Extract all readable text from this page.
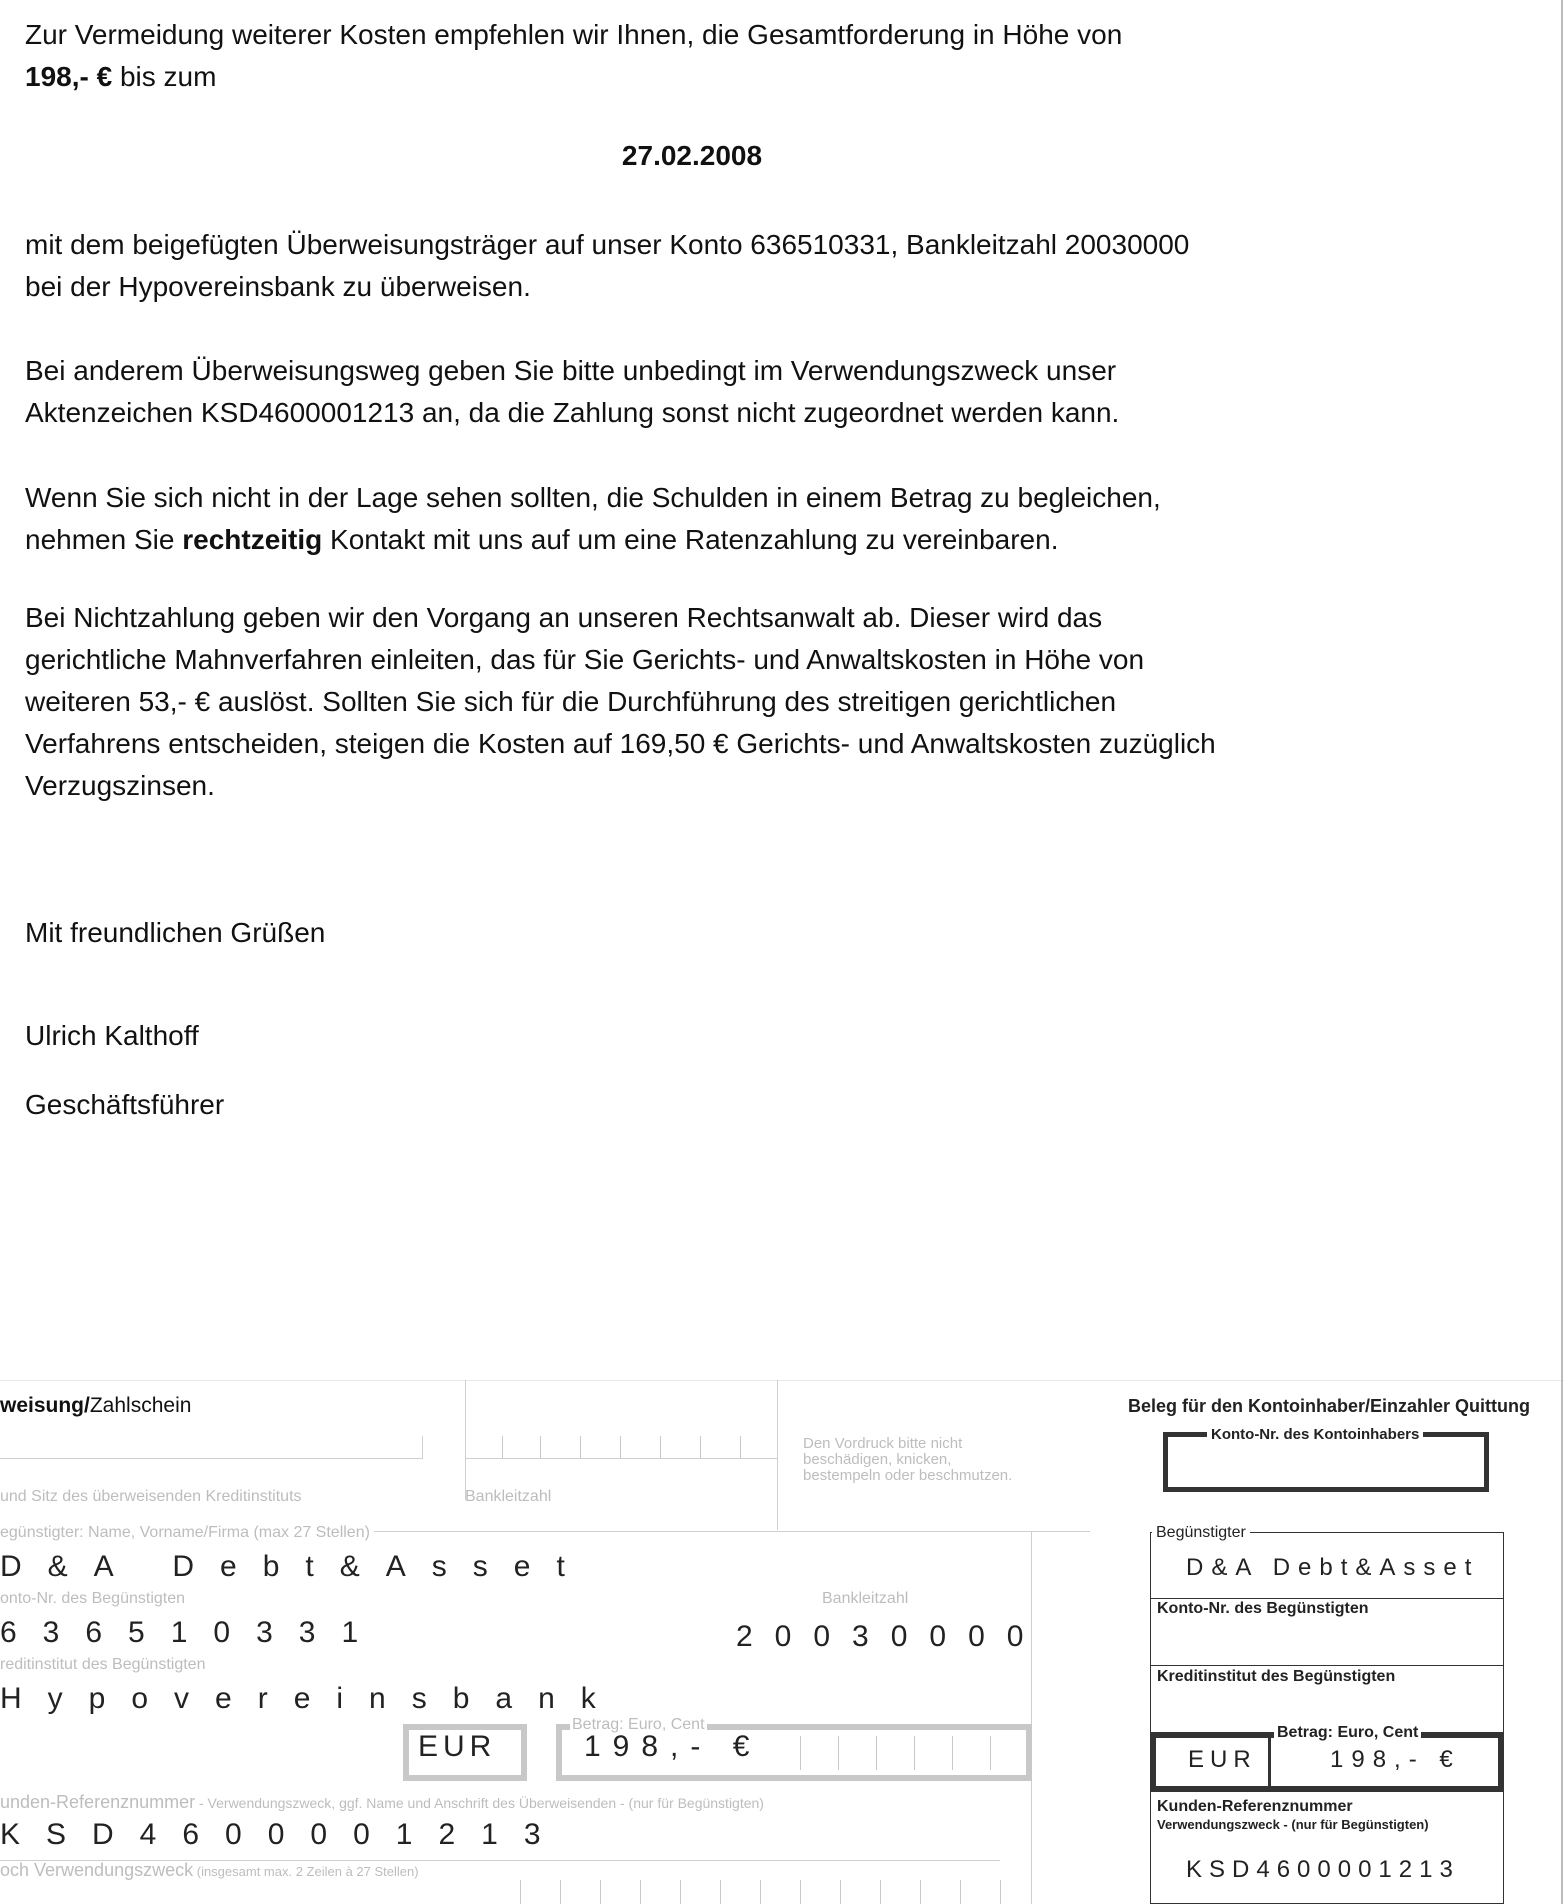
Zur Vermeidung weiterer Kosten empfehlen wir Ihnen, die Gesamtforderung in Höhe von

198,- € bis zum

27.02.2008

mit dem beigefügten Überweisungsträger auf unser Konto 636510331, Bankleitzahl 20030000

bei der Hypovereinsbank zu überweisen.

Bei anderem Überweisungsweg geben Sie bitte unbedingt im Verwendungszweck unser

Aktenzeichen KSD4600001213 an, da die Zahlung sonst nicht zugeordnet werden kann.

Wenn Sie sich nicht in der Lage sehen sollten, die Schulden in einem Betrag zu begleichen,

nehmen Sie rechtzeitig Kontakt mit uns auf um eine Ratenzahlung zu vereinbaren.

Bei Nichtzahlung geben wir den Vorgang an unseren Rechtsanwalt ab. Dieser wird das

gerichtliche Mahnverfahren einleiten, das für Sie Gerichts- und Anwaltskosten in Höhe von

weiteren 53,- € auslöst. Sollten Sie sich für die Durchführung des streitigen gerichtlichen

Verfahrens entscheiden, steigen die Kosten auf 169,50 € Gerichts- und Anwaltskosten zuzüglich

Verzugszinsen.

Mit freundlichen Grüßen

Ulrich Kalthoff

Geschäftsführer

weisung/Zahlschein
und Sitz des überweisenden Kreditinstituts	Bankleitzahl
Den Vordruck bitte nicht
beschädigen, knicken,
bestempeln oder beschmutzen.
egünstigter: Name, Vorname/Firma (max 27 Stellen)
D&A Debt&Asset
onto-Nr. des Begünstigten	Bankleitzahl
636510331	20030000
reditinstitut des Begünstigten
Hypovereinsbank
EUR
Betrag: Euro, Cent
198,- €
unden-Referenznummer - Verwendungszweck, ggf. Name und Anschrift des Überweisenden - (nur für Begünstigten)
KSD4600001213
och Verwendungszweck (insgesamt max. 2 Zeilen à 27 Stellen)
Beleg für den Kontoinhaber/Einzahler Quittung
Konto-Nr. des Kontoinhabers
Begünstigter
D&A Debt&Asset
Konto-Nr. des Begünstigten
Kreditinstitut des Begünstigten
Betrag: Euro, Cent
EUR	198,- €
Kunden-Referenznummer
Verwendungszweck - (nur für Begünstigten)
KSD4600001213
